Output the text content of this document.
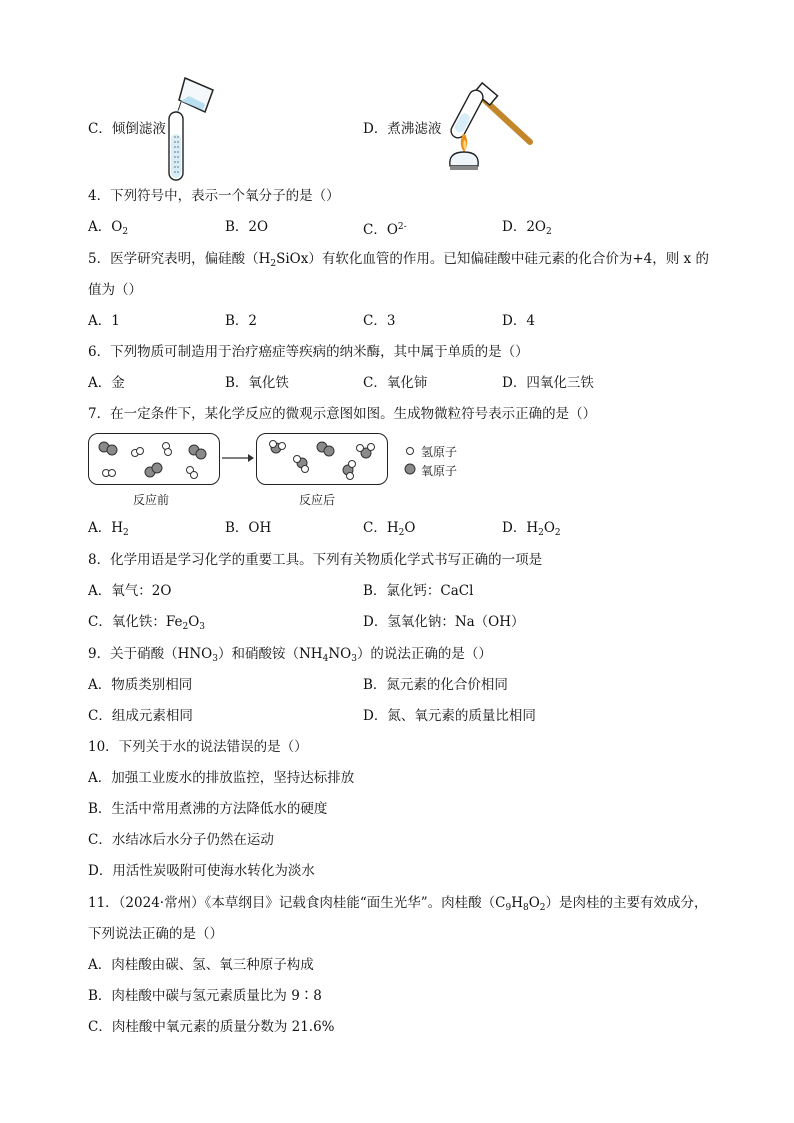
C．倾倒滤液	D．煮沸滤液
4．下列符号中，表示一个氧分子的是（）
A．$O_2$	B．2O	C．$O^{2-}$	D．$2O_2$
5．医学研究表明，偏硅酸$(H_2SiOx)$有软化血管的作用。已知偏硅酸中硅元素的化合价为+4，则 x 的
值为（）
A．1	B．2	C．3	D．4
6．下列物质可制造用于治疗癌症等疾病的纳米酶，其中属于单质的是（）
A．金	B．氧化铁	C．氧化铈	D．四氧化三铁
7．在一定条件下，某化学反应的微观示意图如图。生成物微粒符号表示正确的是（）
反应前	反应后
氢原子
氧原子
A．$H_2$	B．OH	C．$H_2O$	D．$H_2O_2$
8．化学用语是学习化学的重要工具。下列有关物质化学式书写正确的一项是
A．氧气：2O	B．氯化钙：CaCl
C．氧化铁：$Fe_2O_3$	D．氢氧化钠：Na（OH）
9．关于硝酸$(HNO_3)$和硝酸铵$(NH_4NO_3)$的说法正确的是（）
A．物质类别相同	B．氮元素的化合价相同
C．组成元素相同	D．氮、氧元素的质量比相同
10．下列关于水的说法错误的是（）
A．加强工业废水的排放监控，坚持达标排放
B．生活中常用煮沸的方法降低水的硬度
C．水结冰后水分子仍然在运动
D．用活性炭吸附可使海水转化为淡水
11．（2024·常州）《本草纲目》记载食肉桂能“面生光华”。肉桂酸$(C_9H_8O_2)$是肉桂的主要有效成分，
下列说法正确的是（）
A．肉桂酸由碳、氢、氧三种原子构成
B．肉桂酸中碳与氢元素质量比为 9∶8
C．肉桂酸中氧元素的质量分数为 21.6%
